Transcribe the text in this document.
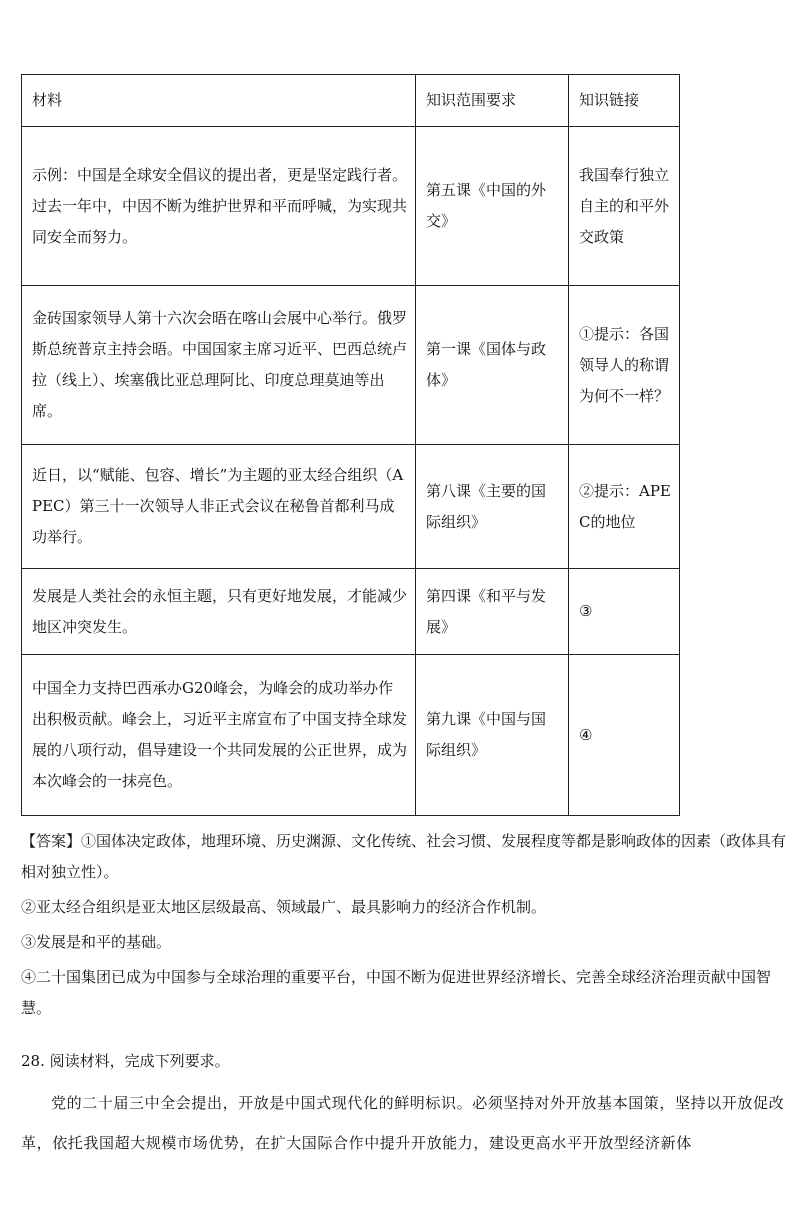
材料	知识范围要求	知识链接
示例：中国是全球安全倡议的提出者，更是坚定践行者。过去一年中，中因不断为维护世界和平而呼喊，为实现共同安全而努力。	第五课《中国的外交》	我国奉行独立自主的和平外交政策
金砖国家领导人第十六次会晤在喀山会展中心举行。俄罗斯总统普京主持会晤。中国国家主席习近平、巴西总统卢拉（线上）、埃塞俄比亚总理阿比、印度总理莫迪等出席。	第一课《国体与政体》	①提示：各国领导人的称谓为何不一样？
近日，以“赋能、包容、增长”为主题的亚太经合组织（APEC）第三十一次领导人非正式会议在秘鲁首都利马成功举行。	第八课《主要的国际组织》	②提示：APEC的地位
发展是人类社会的永恒主题，只有更好地发展，才能减少地区冲突发生。	第四课《和平与发展》	③
中国全力支持巴西承办G20峰会，为峰会的成功举办作出积极贡献。峰会上，习近平主席宣布了中国支持全球发展的八项行动，倡导建设一个共同发展的公正世界，成为本次峰会的一抹亮色。	第九课《中国与国际组织》	④

【答案】①国体决定政体，地理环境、历史渊源、文化传统、社会习惯、发展程度等都是影响政体的因素（政体具有相对独立性）。

②亚太经合组织是亚太地区层级最高、领域最广、最具影响力的经济合作机制。

③发展是和平的基础。

④二十国集团已成为中国参与全球治理的重要平台，中国不断为促进世界经济增长、完善全球经济治理贡献中国智慧。

28. 阅读材料，完成下列要求。

党的二十届三中全会提出，开放是中国式现代化的鲜明标识。必须坚持对外开放基本国策，坚持以开放促改革，依托我国超大规模市场优势，在扩大国际合作中提升开放能力，建设更高水平开放型经济新体
